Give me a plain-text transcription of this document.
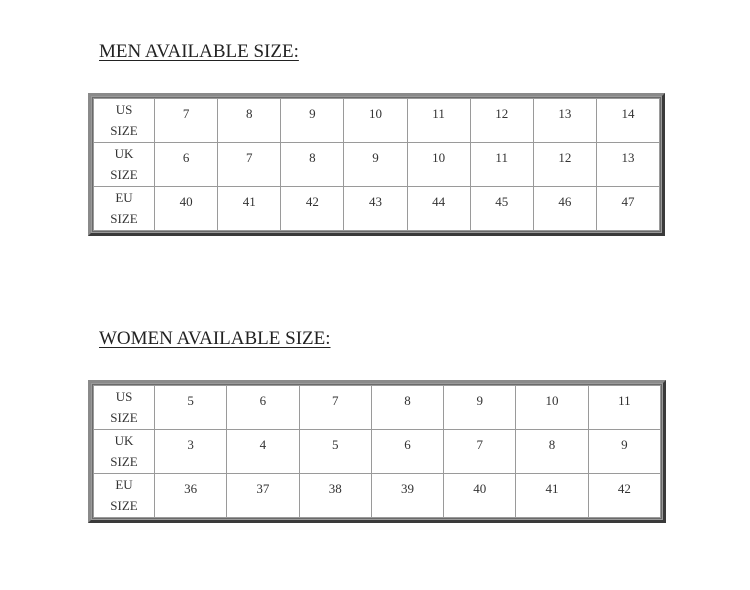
MEN AVAILABLE SIZE:
US
SIZE	7	8	9	10	11	12	13	14

UK
SIZE	6	7	8	9	10	11	12	13

EU
SIZE	40	41	42	43	44	45	46	47
WOMEN AVAILABLE SIZE:
US
SIZE	5	6	7	8	9	10	11

UK
SIZE	3	4	5	6	7	8	9

EU
SIZE	36	37	38	39	40	41	42
